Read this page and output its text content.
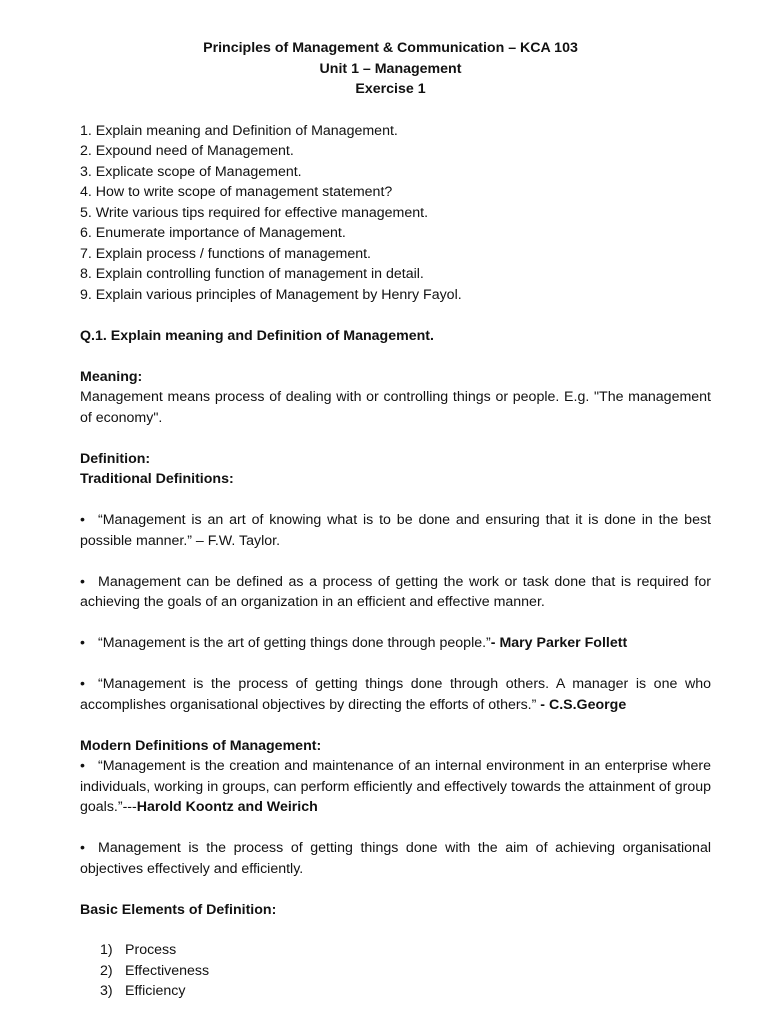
Principles of Management & Communication – KCA 103
Unit 1 – Management
Exercise 1
1. Explain meaning and Definition of Management.
2. Expound need of Management.
3. Explicate scope of Management.
4. How to write scope of management statement?
5. Write various tips required for effective management.
6. Enumerate importance of Management.
7. Explain process / functions of management.
8. Explain controlling function of management in detail.
9. Explain various principles of Management by Henry Fayol.
Q.1. Explain meaning and Definition of Management.
Meaning:
Management means process of dealing with or controlling things or people. E.g. "The management of economy".
Definition:
Traditional Definitions:
• “Management is an art of knowing what is to be done and ensuring that it is done in the best possible manner.” – F.W. Taylor.
• Management can be defined as a process of getting the work or task done that is required for achieving the goals of an organization in an efficient and effective manner.
• “Management is the art of getting things done through people.”- Mary Parker Follett
• “Management is the process of getting things done through others. A manager is one who accomplishes organisational objectives by directing the efforts of others.” - C.S.George
Modern Definitions of Management:
• “Management is the creation and maintenance of an internal environment in an enterprise where individuals, working in groups, can perform efficiently and effectively towards the attainment of group goals.”---Harold Koontz and Weirich
• Management is the process of getting things done with the aim of achieving organisational objectives effectively and efficiently.
Basic Elements of Definition:
1) Process
2) Effectiveness
3) Efficiency
